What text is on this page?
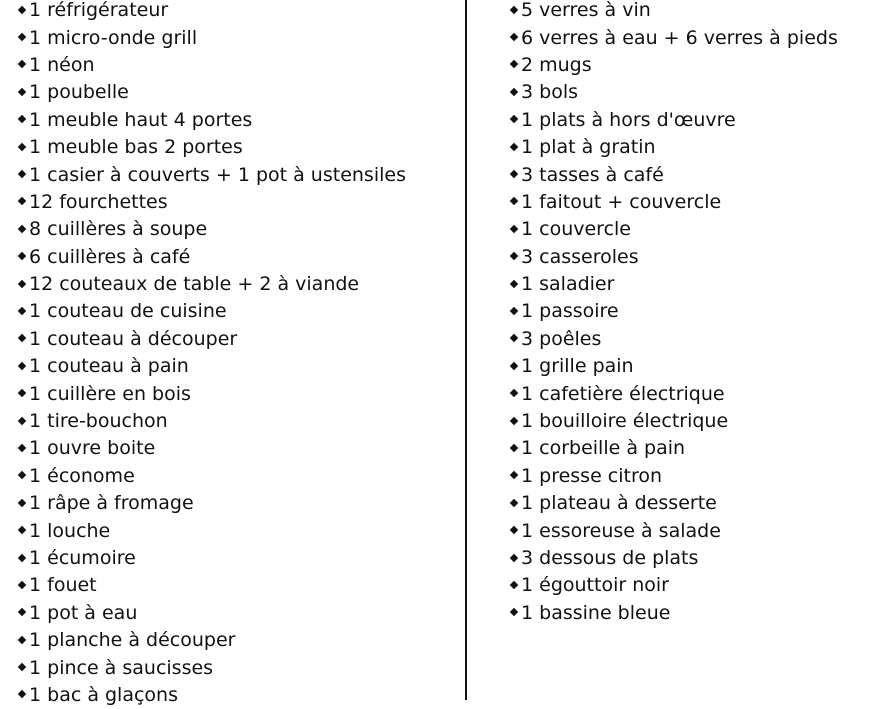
1 réfrigérateur
1 micro-onde grill
1 néon
1 poubelle
1 meuble haut 4 portes
1 meuble bas 2 portes
1 casier à couverts + 1 pot à ustensiles
12 fourchettes
8 cuillères à soupe
6 cuillères à café
12 couteaux de table + 2 à viande
1 couteau de cuisine
1 couteau à découper
1 couteau à pain
1 cuillère en bois
1 tire-bouchon
1 ouvre boite
1 économe
1 râpe à fromage
1 louche
1 écumoire
1 fouet
1 pot à eau
1 planche à découper
1 pince à saucisses
1 bac à glaçons
5 verres à vin
6 verres à eau + 6 verres à pieds
2 mugs
3 bols
1 plats à hors d'œuvre
1 plat à gratin
3 tasses à café
1 faitout + couvercle
1 couvercle
3 casseroles
1 saladier
1 passoire
3 poêles
1 grille pain
1 cafetière électrique
1 bouilloire électrique
1 corbeille à pain
1 presse citron
1 plateau à desserte
1 essoreuse à salade
3 dessous de plats
1 égouttoir noir
1 bassine bleue
